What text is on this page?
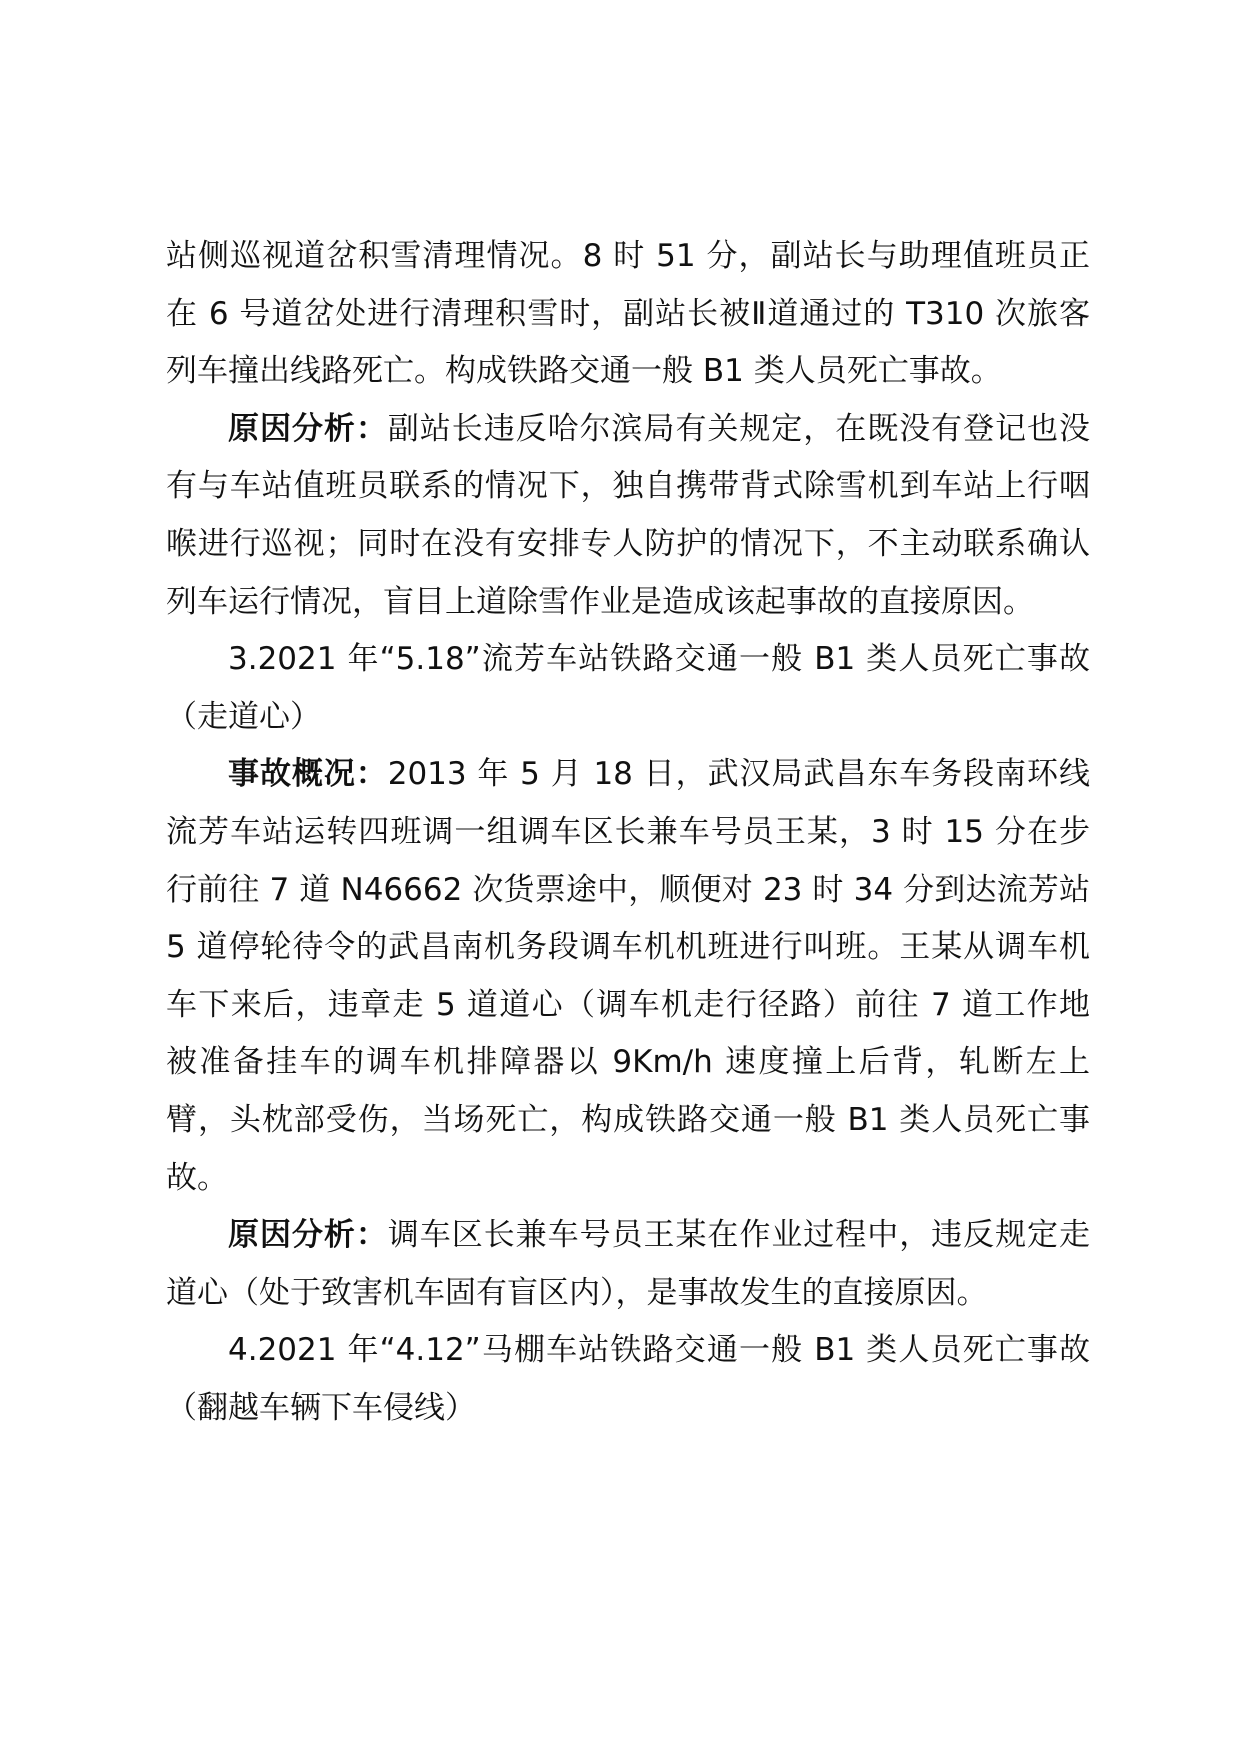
站侧巡视道岔积雪清理情况。8 时 51 分，副站长与助理值班员正在 6 号道岔处进行清理积雪时，副站长被Ⅱ道通过的 T310 次旅客列车撞出线路死亡。构成铁路交通一般 B1 类人员死亡事故。

原因分析：副站长违反哈尔滨局有关规定，在既没有登记也没有与车站值班员联系的情况下，独自携带背式除雪机到车站上行咽喉进行巡视；同时在没有安排专人防护的情况下，不主动联系确认列车运行情况，盲目上道除雪作业是造成该起事故的直接原因。

3.2021 年“5.18”流芳车站铁路交通一般 B1 类人员死亡事故（走道心）

事故概况：2013 年 5 月 18 日，武汉局武昌东车务段南环线流芳车站运转四班调一组调车区长兼车号员王某，3 时 15 分在步行前往 7 道 N46662 次货票途中，顺便对 23 时 34 分到达流芳站 5 道停轮待令的武昌南机务段调车机机班进行叫班。王某从调车机车下来后，违章走 5 道道心（调车机走行径路）前往 7 道工作地 被准备挂车的调车机排障器以 9Km/h 速度撞上后背，轧断左上臂，头枕部受伤，当场死亡，构成铁路交通一般 B1 类人员死亡事故。

原因分析：调车区长兼车号员王某在作业过程中，违反规定走道心（处于致害机车固有盲区内），是事故发生的直接原因。

4.2021 年“4.12”马棚车站铁路交通一般 B1 类人员死亡事故（翻越车辆下车侵线）
